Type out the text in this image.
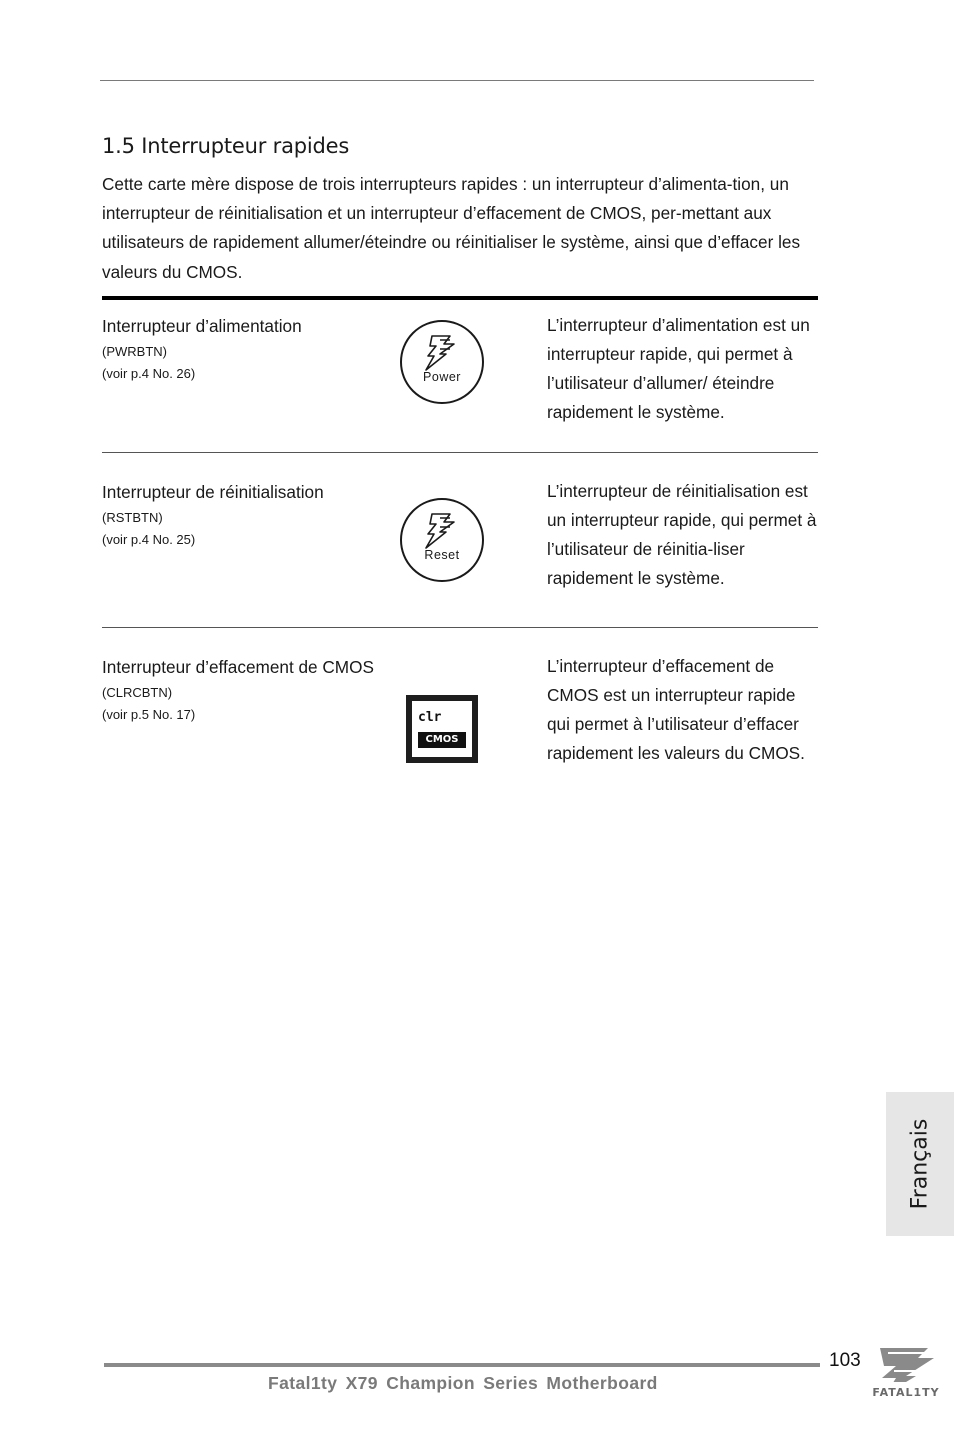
1.5 Interrupteur rapides
Cette carte mère dispose de trois interrupteurs rapides : un interrupteur d’alimenta-tion, un interrupteur de réinitialisation et un interrupteur d’effacement de CMOS, per-mettant aux utilisateurs de rapidement allumer/éteindre ou réinitialiser le système, ainsi que d’effacer les valeurs du CMOS.
Interrupteur d’alimentation
(PWRBTN)
(voir p.4 No. 26)	Power
L’interrupteur d’alimentation est un interrupteur rapide, qui permet à l’utilisateur d’allumer/ éteindre rapidement le système.
Interrupteur de réinitialisation
(RSTBTN)
(voir p.4 No. 25)
Reset
L’interrupteur de réinitialisation est un interrupteur rapide, qui permet à l’utilisateur de réinitia-liser rapidement le système.
Interrupteur d’effacement de CMOS
(CLRCBTN)
(voir p.5 No. 17)	clr
CMOS
L’interrupteur d’effacement de CMOS est un interrupteur rapide qui permet à l’utilisateur d’effacer rapidement les valeurs du CMOS.
Français
103
Fatal1ty X79 Champion Series Motherboard	FATAL1TY
